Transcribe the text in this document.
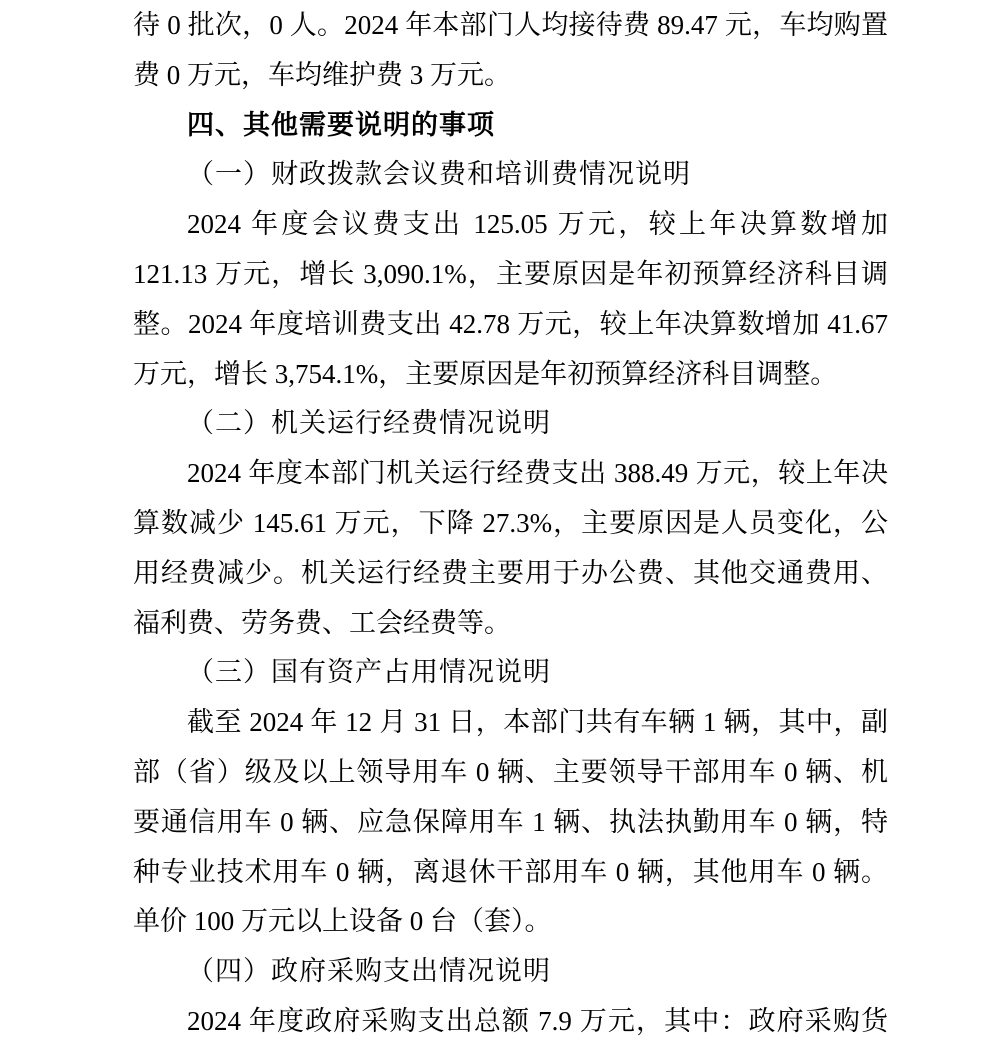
待 0 批次，0 人。2024 年本部门人均接待费 89.47 元，车均购置
费 0 万元，车均维护费 3 万元。
四、其他需要说明的事项
（一）财政拨款会议费和培训费情况说明
2024 年度会议费支出 125.05 万元，较上年决算数增加
121.13 万元，增长 3,090.1%，主要原因是年初预算经济科目调
整。2024 年度培训费支出 42.78 万元，较上年决算数增加 41.67
万元，增长 3,754.1%，主要原因是年初预算经济科目调整。
（二）机关运行经费情况说明
2024 年度本部门机关运行经费支出 388.49 万元，较上年决
算数减少 145.61 万元，下降 27.3%，主要原因是人员变化，公
用经费减少。机关运行经费主要用于办公费、其他交通费用、
福利费、劳务费、工会经费等。
（三）国有资产占用情况说明
截至 2024 年 12 月 31 日，本部门共有车辆 1 辆，其中，副
部（省）级及以上领导用车 0 辆、主要领导干部用车 0 辆、机
要通信用车 0 辆、应急保障用车 1 辆、执法执勤用车 0 辆，特
种专业技术用车 0 辆，离退休干部用车 0 辆，其他用车 0 辆。
单价 100 万元以上设备 0 台（套）。
（四）政府采购支出情况说明
2024 年度政府采购支出总额 7.9 万元，其中：政府采购货
